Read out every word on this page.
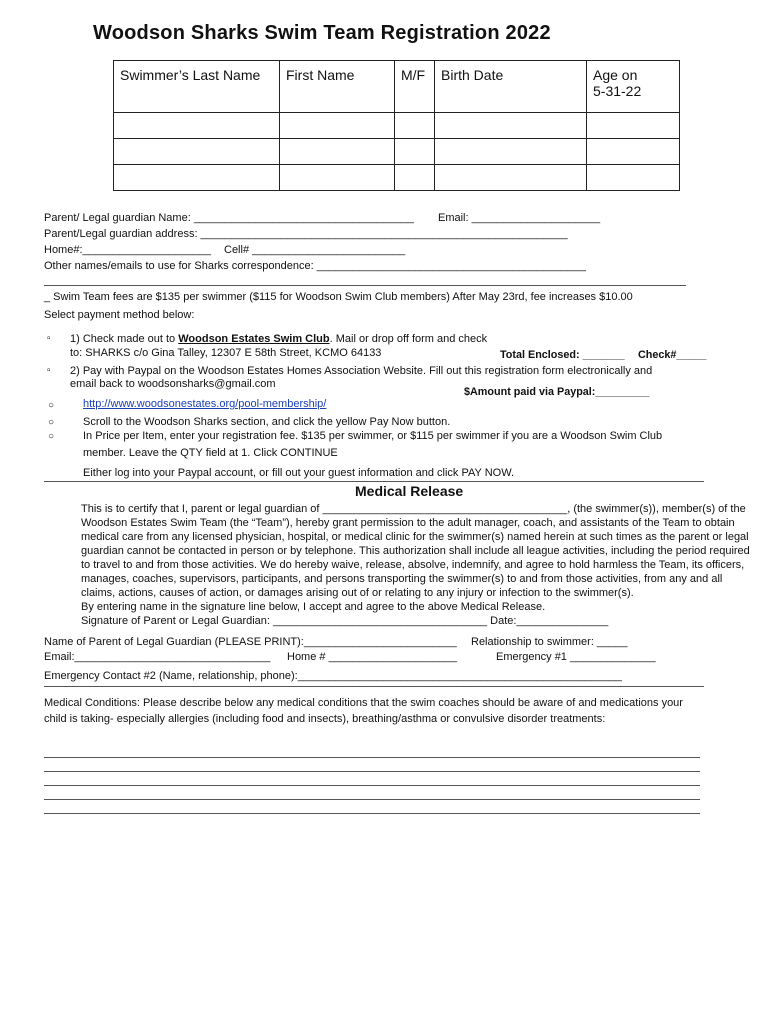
Woodson Sharks Swim Team Registration 2022
Swimmer’s Last Name	First Name	M/F	Birth Date	Age on
5-31-22

Parent/ Legal guardian Name: ____________________________________ Email: _____________________
Parent/Legal guardian address: ____________________________________________________________
Home#:_____________________ Cell# _________________________
Other names/emails to use for Sharks correspondence: ____________________________________________
_ Swim Team fees are $135 per swimmer ($115 for Woodson Swim Club members) After May 23rd, fee increases $10.00
Select payment method below:
▫ 1) Check made out to Woodson Estates Swim Club. Mail or drop off form and check
to: SHARKS c/o Gina Talley, 12307 E 58th Street, KCMO 64133	Total Enclosed: _______ Check#_____
▫ 2) Pay with Paypal on the Woodson Estates Homes Association Website. Fill out this registration form electronically and
email back to woodsonsharks@gmail.com
$Amount paid via Paypal:_________
○	http://www.woodsonestates.org/pool-membership/
○	Scroll to the Woodson Sharks section, and click the yellow Pay Now button.
○	In Price per Item, enter your registration fee. $135 per swimmer, or $115 per swimmer if you are a Woodson Swim Club
member. Leave the QTY field at 1. Click CONTINUE
Either log into your Paypal account, or fill out your guest information and click PAY NOW.
Medical Release
This is to certify that I, parent or legal guardian of ________________________________________, (the swimmer(s)), member(s) of the
Woodson Estates Swim Team (the “Team”), hereby grant permission to the adult manager, coach, and assistants of the Team to obtain
medical care from any licensed physician, hospital, or medical clinic for the swimmer(s) named herein at such times as the parent or legal
guardian cannot be contacted in person or by telephone. This authorization shall include all league activities, including the period required
to travel to and from those activities. We do hereby waive, release, absolve, indemnify, and agree to hold harmless the Team, its officers,
manages, coaches, supervisors, participants, and persons transporting the swimmer(s) to and from those activities, from any and all
claims, actions, causes of action, or damages arising out of or relating to any injury or infection to the swimmer(s).
By entering name in the signature line below, I accept and agree to the above Medical Release.
Signature of Parent or Legal Guardian: ___________________________________ Date:_______________
Name of Parent of Legal Guardian (PLEASE PRINT):_________________________ Relationship to swimmer: _____
Email:________________________________ Home # _____________________	Emergency #1 ______________
Emergency Contact #2 (Name, relationship, phone):_____________________________________________________
Medical Conditions: Please describe below any medical conditions that the swim coaches should be aware of and medications your
child is taking- especially allergies (including food and insects), breathing/asthma or convulsive disorder treatments:
